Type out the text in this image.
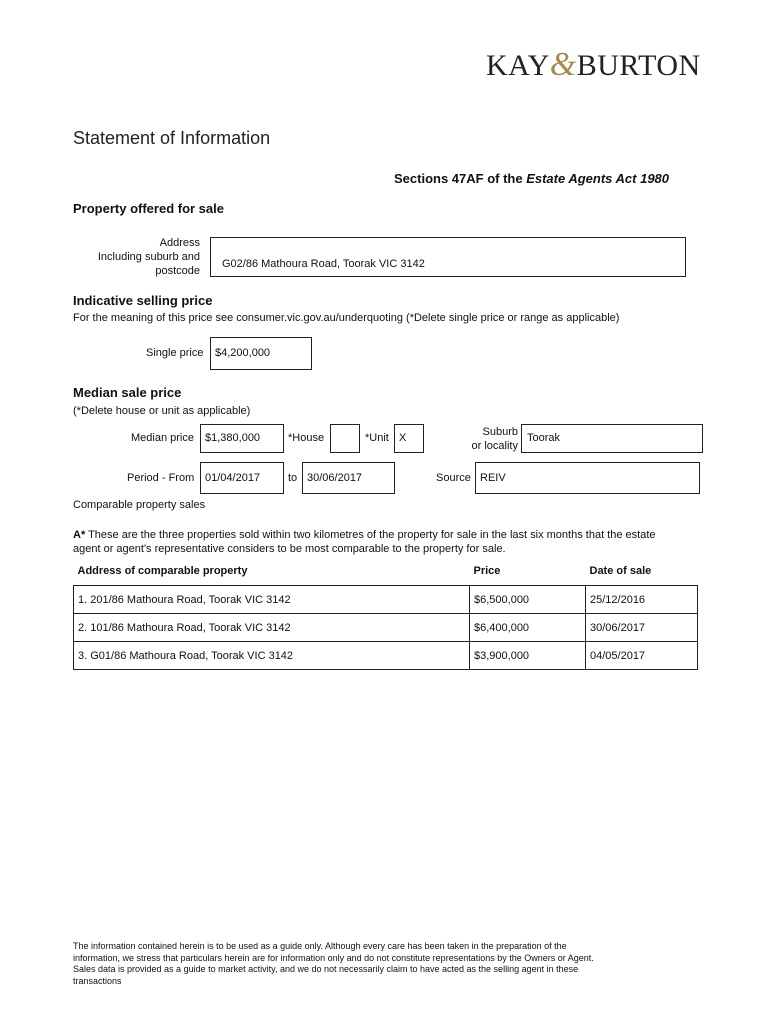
KAY&BURTON
Statement of Information
Sections 47AF of the Estate Agents Act 1980
Property offered for sale
Address
Including suburb and
postcode
G02/86 Mathoura Road, Toorak VIC 3142
Indicative selling price
For the meaning of this price see consumer.vic.gov.au/underquoting (*Delete single price or range as applicable)
Single price	$4,200,000
Median sale price
(*Delete house or unit as applicable)
Median price	$1,380,000	*House	*Unit X	Suburb
or locality
Toorak
Period - From 01/04/2017	to 30/06/2017	Source REIV
Comparable property sales
A* These are the three properties sold within two kilometres of the property for sale in the last six months that the estate
agent or agent's representative considers to be most comparable to the property for sale.
Address of comparable property	Price	Date of sale
1. 201/86 Mathoura Road, Toorak VIC 3142	$6,500,000	25/12/2016
2. 101/86 Mathoura Road, Toorak VIC 3142	$6,400,000	30/06/2017
3. G01/86 Mathoura Road, Toorak VIC 3142	$3,900,000	04/05/2017
The information contained herein is to be used as a guide only. Although every care has been taken in the preparation of the
information, we stress that particulars herein are for information only and do not constitute representations by the Owners or Agent.
Sales data is provided as a guide to market activity, and we do not necessarily claim to have acted as the selling agent in these
transactions
